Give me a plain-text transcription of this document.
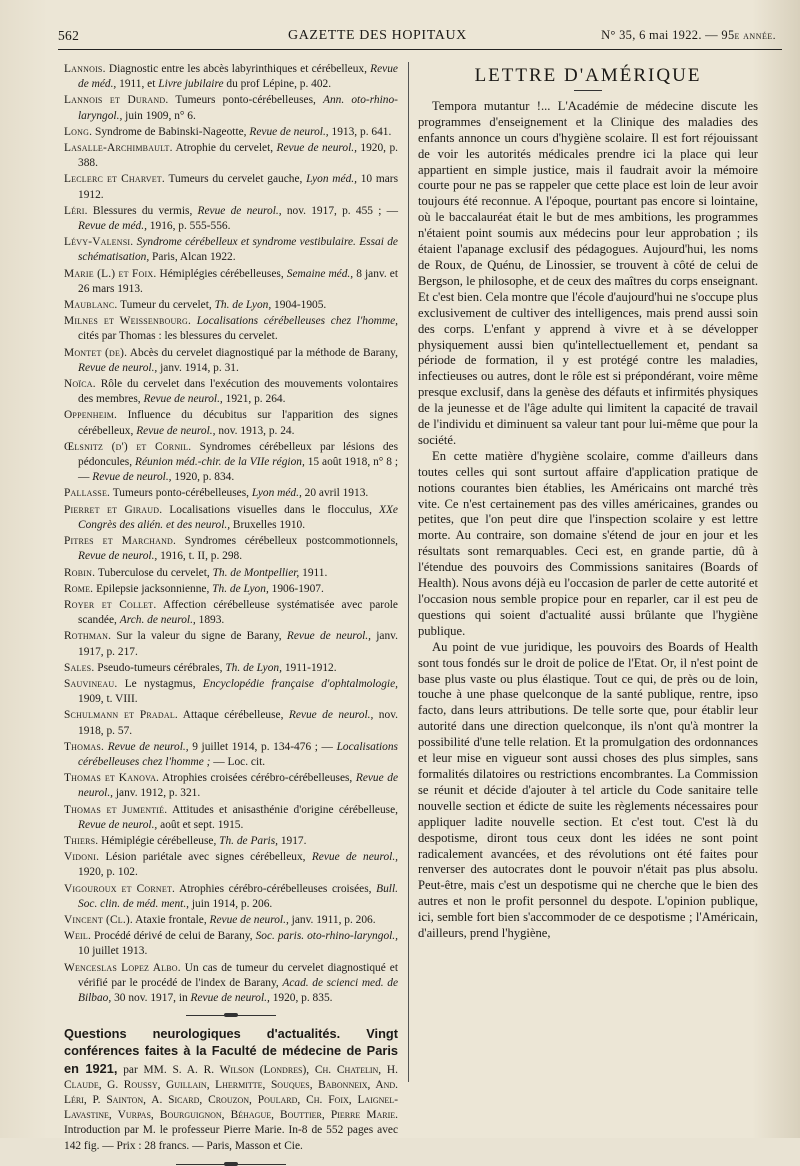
562	GAZETTE DES HOPITAUX	N° 35, 6 mai 1922. — 95e année.

Lannois. Diagnostic entre les abcès labyrinthiques et cérébelleux, Revue de méd., 1911, et Livre jubilaire du prof Lépine, p. 402.

Lannois et Durand. Tumeurs ponto-cérébelleuses, Ann. oto-rhino-laryngol., juin 1909, n° 6.

Long. Syndrome de Babinski-Nageotte, Revue de neurol., 1913, p. 641.

Lasalle-Archimbault. Atrophie du cervelet, Revue de neurol., 1920, p. 388.

Leclerc et Charvet. Tumeurs du cervelet gauche, Lyon méd., 10 mars 1912.

Léri. Blessures du vermis, Revue de neurol., nov. 1917, p. 455 ; — Revue de méd., 1916, p. 555-556.

Lévy-Valensi. Syndrome cérébelleux et syndrome vestibulaire. Essai de schématisation, Paris, Alcan 1922.

Marie (L.) et Foix. Hémiplégies cérébelleuses, Semaine méd., 8 janv. et 26 mars 1913.

Maublanc. Tumeur du cervelet, Th. de Lyon, 1904-1905.

Milnes et Weissenbourg. Localisations cérébelleuses chez l'homme, cités par Thomas : les blessures du cervelet.

Montet (de). Abcès du cervelet diagnostiqué par la méthode de Barany, Revue de neurol., janv. 1914, p. 31.

Noïca. Rôle du cervelet dans l'exécution des mouvements volontaires des membres, Revue de neurol., 1921, p. 264.

Oppenheim. Influence du décubitus sur l'apparition des signes cérébelleux, Revue de neurol., nov. 1913, p. 24.

Œlsnitz (d') et Cornil. Syndromes cérébelleux par lésions des pédoncules, Réunion méd.-chir. de la VIIe région, 15 août 1918, n° 8 ; — Revue de neurol., 1920, p. 834.

Pallasse. Tumeurs ponto-cérébelleuses, Lyon méd., 20 avril 1913.

Pierret et Giraud. Localisations visuelles dans le flocculus, XXe Congrès des alién. et des neurol., Bruxelles 1910.

Pitres et Marchand. Syndromes cérébelleux postcommotionnels, Revue de neurol., 1916, t. II, p. 298.

Robin. Tuberculose du cervelet, Th. de Montpellier, 1911.

Rome. Epilepsie jacksonnienne, Th. de Lyon, 1906-1907.

Royer et Collet. Affection cérébelleuse systématisée avec parole scandée, Arch. de neurol., 1893.

Rothman. Sur la valeur du signe de Barany, Revue de neurol., janv. 1917, p. 217.

Sales. Pseudo-tumeurs cérébrales, Th. de Lyon, 1911-1912.

Sauvineau. Le nystagmus, Encyclopédie française d'ophtalmologie, 1909, t. VIII.

Schulmann et Pradal. Attaque cérébelleuse, Revue de neurol., nov. 1918, p. 57.

Thomas. Revue de neurol., 9 juillet 1914, p. 134-476 ; — Localisations cérébelleuses chez l'homme ; — Loc. cit.

Thomas et Kanova. Atrophies croisées cérébro-cérébelleuses, Revue de neurol., janv. 1912, p. 321.

Thomas et Jumentié. Attitudes et anisasthénie d'origine cérébelleuse, Revue de neurol., août et sept. 1915.

Thiers. Hémiplégie cérébelleuse, Th. de Paris, 1917.

Vidoni. Lésion pariétale avec signes cérébelleux, Revue de neurol., 1920, p. 102.

Vigouroux et Cornet. Atrophies cérébro-cérébelleuses croisées, Bull. Soc. clin. de méd. ment., juin 1914, p. 206.

Vincent (Cl.). Ataxie frontale, Revue de neurol., janv. 1911, p. 206.

Weil. Procédé dérivé de celui de Barany, Soc. paris. oto-rhino-laryngol., 10 juillet 1913.

Wenceslas Lopez Albo. Un cas de tumeur du cervelet diagnostiqué et vérifié par le procédé de l'index de Barany, Acad. de scienci med. de Bilbao, 30 nov. 1917, in Revue de neurol., 1920, p. 835.

Questions neurologiques d'actualités. Vingt conférences faites à la Faculté de médecine de Paris en 1921, par MM. S. A. R. Wilson (Londres), Ch. Chatelin, H. Claude, G. Roussy, Guillain, Lhermitte, Souques, Babonneix, And. Léri, P. Sainton, A. Sicard, Crouzon, Poulard, Ch. Foix, Laignel-Lavastine, Vurpas, Bourguignon, Béhague, Bouttier, Pierre Marie. Introduction par M. le professeur Pierre Marie. In-8 de 552 pages avec 142 fig. — Prix : 28 francs. — Paris, Masson et Cie.
LETTRE D'AMÉRIQUE

Tempora mutantur !... L'Académie de médecine discute les programmes d'enseignement et la Clinique des maladies des enfants annonce un cours d'hygiène scolaire. Il est fort réjouissant de voir les autorités médicales prendre ici la place qui leur appartient en simple justice, mais il faudrait avoir la mémoire courte pour ne pas se rappeler que cette place est loin de leur avoir toujours été reconnue. A l'époque, pourtant pas encore si lointaine, où le baccalauréat était le but de mes ambitions, les programmes n'étaient point soumis aux médecins pour leur approbation ; ils étaient l'apanage exclusif des pédagogues. Aujourd'hui, les noms de Roux, de Quénu, de Linossier, se trouvent à côté de celui de Bergson, le philosophe, et de ceux des maîtres du corps enseignant. Et c'est bien. Cela montre que l'école d'aujourd'hui ne s'occupe plus exclusivement de cultiver des intelligences, mais prend aussi soin des corps. L'enfant y apprend à vivre et à se développer physiquement aussi bien qu'intellectuellement et, pendant sa période de formation, il y est protégé contre les maladies, infectieuses ou autres, dont le rôle est si prépondérant, voire même presque exclusif, dans la genèse des défauts et infirmités physiques de la jeunesse et de l'âge adulte qui limitent la capacité de travail de l'individu et diminuent sa valeur tant pour lui-même que pour la société.

En cette matière d'hygiène scolaire, comme d'ailleurs dans toutes celles qui sont surtout affaire d'application pratique de notions courantes bien établies, les Américains ont marché très vite. Ce n'est certainement pas des villes américaines, grandes ou petites, que l'on peut dire que l'inspection scolaire y est lettre morte. Au contraire, son domaine s'étend de jour en jour et les résultats sont remarquables. Ceci est, en grande partie, dû à l'étendue des pouvoirs des Commissions sanitaires (Boards of Health). Nous avons déjà eu l'occasion de parler de cette autorité et l'occasion nous semble propice pour en reparler, car il est peu de questions qui soient d'actualité aussi brûlante que l'hygiène publique.

Au point de vue juridique, les pouvoirs des Boards of Health sont tous fondés sur le droit de police de l'Etat. Or, il n'est point de base plus vaste ou plus élastique. Tout ce qui, de près ou de loin, touche à une phase quelconque de la santé publique, rentre, ipso facto, dans leurs attributions. De telle sorte que, pour établir leur autorité dans une direction quelconque, ils n'ont qu'à montrer la possibilité d'une telle relation. Et la promulgation des ordonnances et leur mise en vigueur sont aussi choses des plus simples, sans formalités dilatoires ou restrictions encombrantes. La Commission se réunit et décide d'ajouter à tel article du Code sanitaire telle nouvelle section et édicte de suite les règlements nécessaires pour appliquer ladite nouvelle section. Et c'est tout. C'est là du despotisme, diront tous ceux dont les idées ne sont point radicalement avancées, et des révolutions ont été faites pour renverser des autocrates dont le pouvoir n'était pas plus absolu. Peut-être, mais c'est un despotisme qui ne cherche que le bien des autres et non le profit personnel du despote. L'opinion publique, ici, semble fort bien s'accommoder de ce despotisme ; l'Américain, d'ailleurs, prend l'hygiène,
